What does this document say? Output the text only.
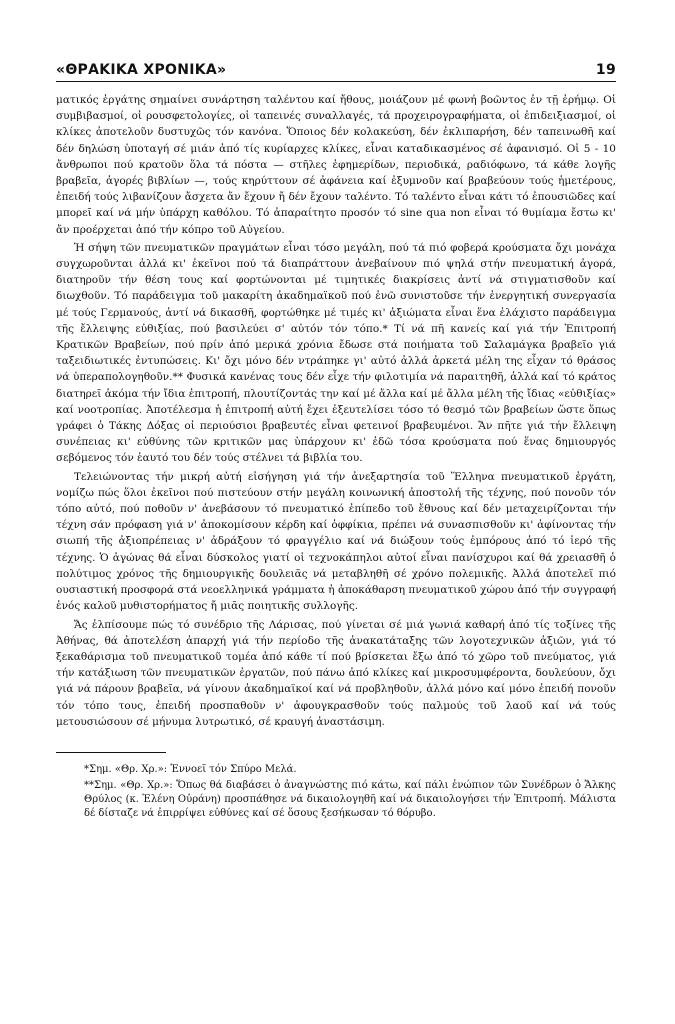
«ΘΡΑΚΙΚΑ ΧΡΟΝΙΚΑ»	19

ματικός ἐργάτης σημαίνει συνάρτηση ταλέντου καί ἤθους, μοιάζουν μέ φωνή βοῶντος ἐν τῇ ἐρήμῳ. Οἱ συμβιβασμοί, οἱ ρουσφετολογίες, οἱ ταπεινές συναλλαγές, τά προχειρογραφήματα, οἱ ἐπιδειξιασμοί, οἱ κλίκες ἀποτελοῦν δυστυχῶς τόν κανόνα. Ὅποιος δέν κολακεύση, δέν ἐκλιπαρήση, δέν ταπεινωθῆ καί δέν δηλώση ὑποταγή σέ μιάν ἀπό τίς κυρίαρχες κλίκες, εἶναι καταδικασμένος σέ ἀφανισμό. Οἱ 5 - 10 ἄνθρωποι πού κρατοῦν ὅλα τά πόστα — στῆλες ἐφημερίδων, περιοδικά, ραδιόφωνο, τά κάθε λογῆς βραβεῖα, ἀγορές βιβλίων —, τούς κηρύττουν σέ ἀφάνεια καί ἐξυμνοῦν καί βραβεύουν τούς ἡμετέρους, ἐπειδή τούς λιβανίζουν ἄσχετα ἄν ἔχουν ἤ δέν ἔχουν ταλέντο. Τό ταλέντο εἶναι κάτι τό ἐπουσιῶδες καί μπορεῖ καί νά μήν ὑπάρχη καθόλου. Τό ἀπαραίτητο προσόν τό sine qua non εἶναι τό θυμίαμα ἔστω κι' ἄν προέρχεται ἀπό τήν κόπρο τοῦ Αὐγείου.

Ἡ σήψη τῶν πνευματικῶν πραγμάτων εἶναι τόσο μεγάλη, πού τά πιό φοβερά κρούσματα ὄχι μονάχα συγχωροῦνται ἀλλά κι' ἐκεῖνοι πού τά διαπράττουν ἀνεβαίνουν πιό ψηλά στήν πνευματική ἀγορά, διατηροῦν τήν θέση τους καί φορτώνονται μέ τιμητικές διακρίσεις ἀντί νά στιγματισθοῦν καί διωχθοῦν. Τό παράδειγμα τοῦ μακαρίτη ἀκαδημαϊκοῦ πού ἐνῶ συνιστοῦσε τήν ἐνεργητική συνεργασία μέ τούς Γερμανούς, ἀντί νά δικασθῆ, φορτώθηκε μέ τιμές κι' ἀξιώματα εἶναι ἕνα ἐλάχιστο παράδειγμα τῆς ἔλλειψης εὐθιξίας, πού βασιλεύει σ' αὐτόν τόν τόπο.* Τί νά πῆ κανείς καί γιά τήν Ἐπιτροπή Κρατικῶν Βραβείων, πού πρίν ἀπό μερικά χρόνια ἔδωσε στά ποιήματα τοῦ Σαλαμάγκα βραβεῖο γιά ταξειδιωτικές ἐντυπώσεις. Κι' ὄχι μόνο δέν ντράπηκε γι' αὐτό ἀλλά ἀρκετά μέλη της εἶχαν τό θράσος νά ὑπεραπολογηθοῦν.** Φυσικά κανένας τους δέν εἶχε τήν φιλοτιμία νά παραιτηθῆ, ἀλλά καί τό κράτος διατηρεῖ ἀκόμα τήν ἴδια ἐπιτροπή, πλουτίζοντάς την καί μέ ἄλλα καί μέ ἄλλα μέλη τῆς ἴδιας «εὐθιξίας» καί νοοτροπίας. Ἀποτέλεσμα ἡ ἐπιτροπή αὐτή ἔχει ἐξευτελίσει τόσο τό θεσμό τῶν βραβείων ὥστε ὅπως γράφει ὁ Τάκης Δόξας οἱ περιούσιοι βραβευτές εἶναι φετεινοί βραβευμένοι. Ἄν πῆτε γιά τήν ἔλλειψη συνέπειας κι' εὐθύνης τῶν κριτικῶν μας ὑπάρχουν κι' ἐδῶ τόσα κρούσματα πού ἕνας δημιουργός σεβόμενος τόν ἑαυτό του δέν τούς στέλνει τά βιβλία του.

Τελειώνοντας τήν μικρή αὐτή εἰσήγηση γιά τήν ἀνεξαρτησία τοῦ Ἕλληνα πνευματικοῦ ἐργάτη, νομίζω πώς ὅλοι ἐκεῖνοι πού πιστεύουν στήν μεγάλη κοινωνική ἀποστολή τῆς τέχνης, πού πονοῦν τόν τόπο αὐτό, πού ποθοῦν ν' ἀνεβάσουν τό πνευματικό ἐπίπεδο τοῦ ἔθνους καί δέν μεταχειρίζονται τήν τέχνη σάν πρόφαση γιά ν' ἀποκομίσουν κέρδη καί ὀφφίκια, πρέπει νά συνασπισθοῦν κι' ἀφίνοντας τήν σιωπή τῆς ἀξιοπρέπειας ν' ἀδράξουν τό φραγγέλιο καί νά διώξουν τούς ἐμπόρους ἀπό τό ἱερό τῆς τέχνης. Ὁ ἀγώνας θά εἶναι δύσκολος γιατί οἱ τεχνοκάπηλοι αὐτοί εἶναι πανίσχυροι καί θά χρειασθῆ ὁ πολύτιμος χρόνος τῆς δημιουργικῆς δουλειᾶς νά μεταβληθῆ σέ χρόνο πολεμικῆς. Ἀλλά ἀποτελεῖ πιό ουσιαστική προσφορά στά νεοελληνικά γράμματα ἡ ἀποκάθαρση πνευματικοῦ χώρου ἀπό τήν συγγραφή ἑνός καλοῦ μυθιστορήματος ἤ μιᾶς ποιητικῆς συλλογῆς.

Ἄς ἐλπίσουμε πώς τό συνέδριο τῆς Λάρισας, πού γίνεται σέ μιά γωνιά καθαρή ἀπό τίς τοξίνες τῆς Ἀθήνας, θά ἀποτελέση ἀπαρχή γιά τήν περίοδο τῆς ἀνακατάταξης τῶν λογοτεχνικῶν ἀξιῶν, γιά τό ξεκαθάρισμα τοῦ πνευματικοῦ τομέα ἀπό κάθε τί πού βρίσκεται ἔξω ἀπό τό χῶρο τοῦ πνεύματος, γιά τήν κατάξιωση τῶν πνευματικῶν ἐργατῶν, πού πάνω ἀπό κλίκες καί μικροσυμφέροντα, δουλεύουν, ὄχι γιά νά πάρουν βραβεῖα, νά γίνουν ἀκαδημαϊκοί καί νά προβληθοῦν, ἀλλά μόνο καί μόνο ἐπειδή πονοῦν τόν τόπο τους, ἐπειδή προσπαθοῦν ν' ἀφουγκρασθοῦν τούς παλμούς τοῦ λαοῦ καί νά τούς μετουσιώσουν σέ μήνυμα λυτρωτικό, σέ κραυγή ἀναστάσιμη.

*Σημ. «Θρ. Χρ.»: Ἐννοεῖ τόν Σπύρο Μελά.

**Σημ. «Θρ. Χρ.»: Ὅπως θά διαβάσει ὁ ἀναγνώστης πιό κάτω, καί πάλι ἐνώπιον τῶν Συνέδρων ὁ Ἄλκης Θρύλος (κ. Ἑλένη Οὐράνη) προσπάθησε νά δικαιολογηθῆ καί νά δικαιολογήσει τήν Ἐπιτροπή. Μάλιστα δέ δίσταζε νά ἐπιρρίψει εὐθύνες καί σέ ὅσους ξεσήκωσαν τό θόρυβο.
